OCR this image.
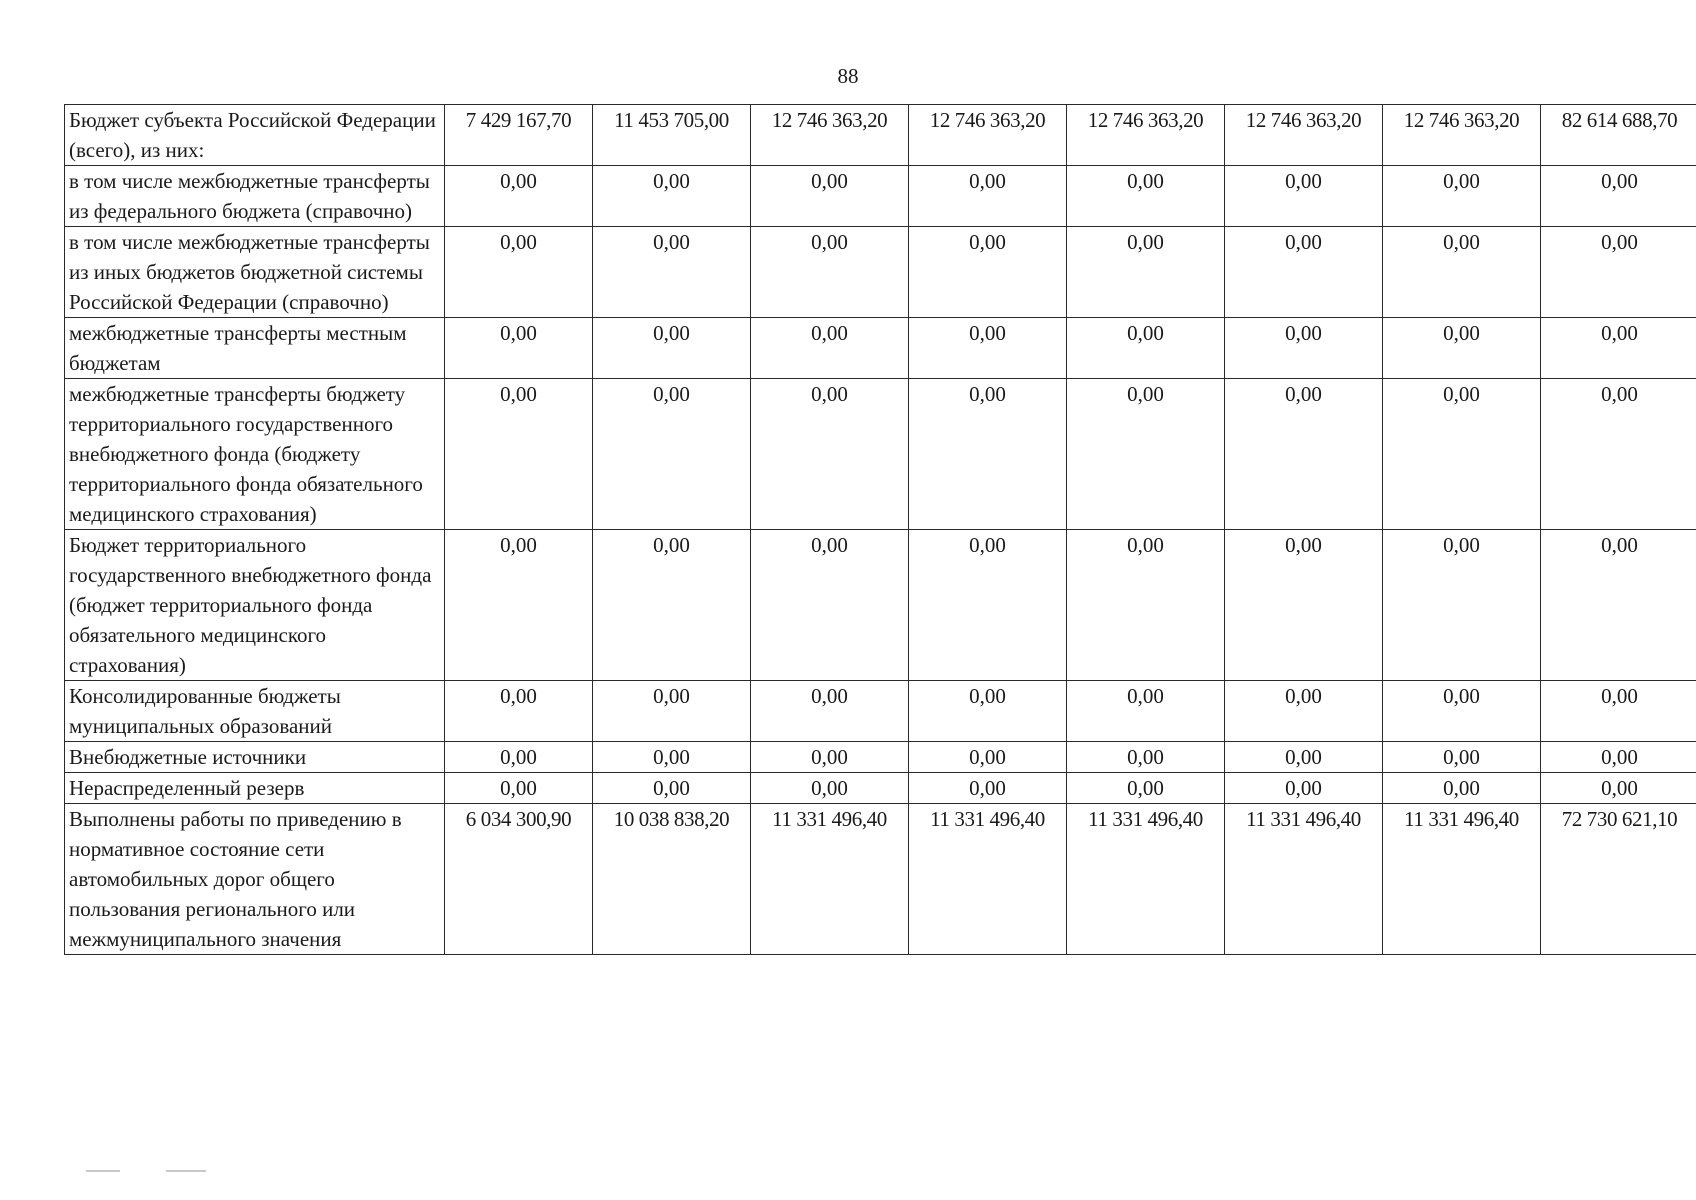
88
Бюджет субъекта Российской Федерации (всего), из них:	7 429 167,70	11 453 705,00	12 746 363,20	12 746 363,20	12 746 363,20	12 746 363,20	12 746 363,20	82 614 688,70
в том числе межбюджетные трансферты из федерального бюджета (справочно)	0,00	0,00	0,00	0,00	0,00	0,00	0,00	0,00
в том числе межбюджетные трансферты из иных бюджетов бюджетной системы Российской Федерации (справочно)	0,00	0,00	0,00	0,00	0,00	0,00	0,00	0,00
межбюджетные трансферты местным бюджетам	0,00	0,00	0,00	0,00	0,00	0,00	0,00	0,00
межбюджетные трансферты бюджету территориального государственного внебюджетного фонда (бюджету территориального фонда обязательного медицинского страхования)	0,00	0,00	0,00	0,00	0,00	0,00	0,00	0,00
Бюджет территориального государственного внебюджетного фонда (бюджет территориального фонда обязательного медицинского страхования)	0,00	0,00	0,00	0,00	0,00	0,00	0,00	0,00
Консолидированные бюджеты муниципальных образований	0,00	0,00	0,00	0,00	0,00	0,00	0,00	0,00
Внебюджетные источники	0,00	0,00	0,00	0,00	0,00	0,00	0,00	0,00
Нераспределенный резерв	0,00	0,00	0,00	0,00	0,00	0,00	0,00	0,00
Выполнены работы по приведению в нормативное состояние сети автомобильных дорог общего пользования регионального или межмуниципального значения	6 034 300,90	10 038 838,20	11 331 496,40	11 331 496,40	11 331 496,40	11 331 496,40	11 331 496,40	72 730 621,10
